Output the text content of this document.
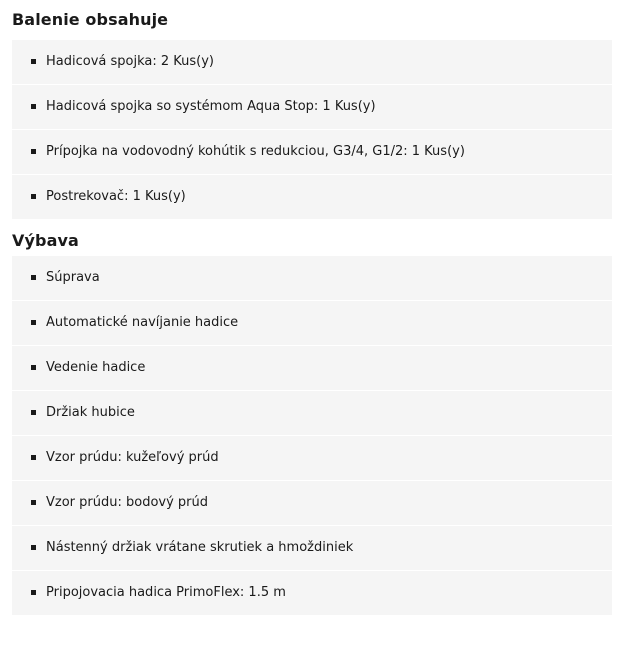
Balenie obsahuje
Hadicová spojka: 2 Kus(y)
Hadicová spojka so systémom Aqua Stop: 1 Kus(y)
Prípojka na vodovodný kohútik s redukciou, G3/4, G1/2: 1 Kus(y)
Postrekovač: 1 Kus(y)
Výbava
Súprava
Automatické navíjanie hadice
Vedenie hadice
Držiak hubice
Vzor prúdu: kužeľový prúd
Vzor prúdu: bodový prúd
Nástenný držiak vrátane skrutiek a hmoždiniek
Pripojovacia hadica PrimoFlex: 1.5 m
